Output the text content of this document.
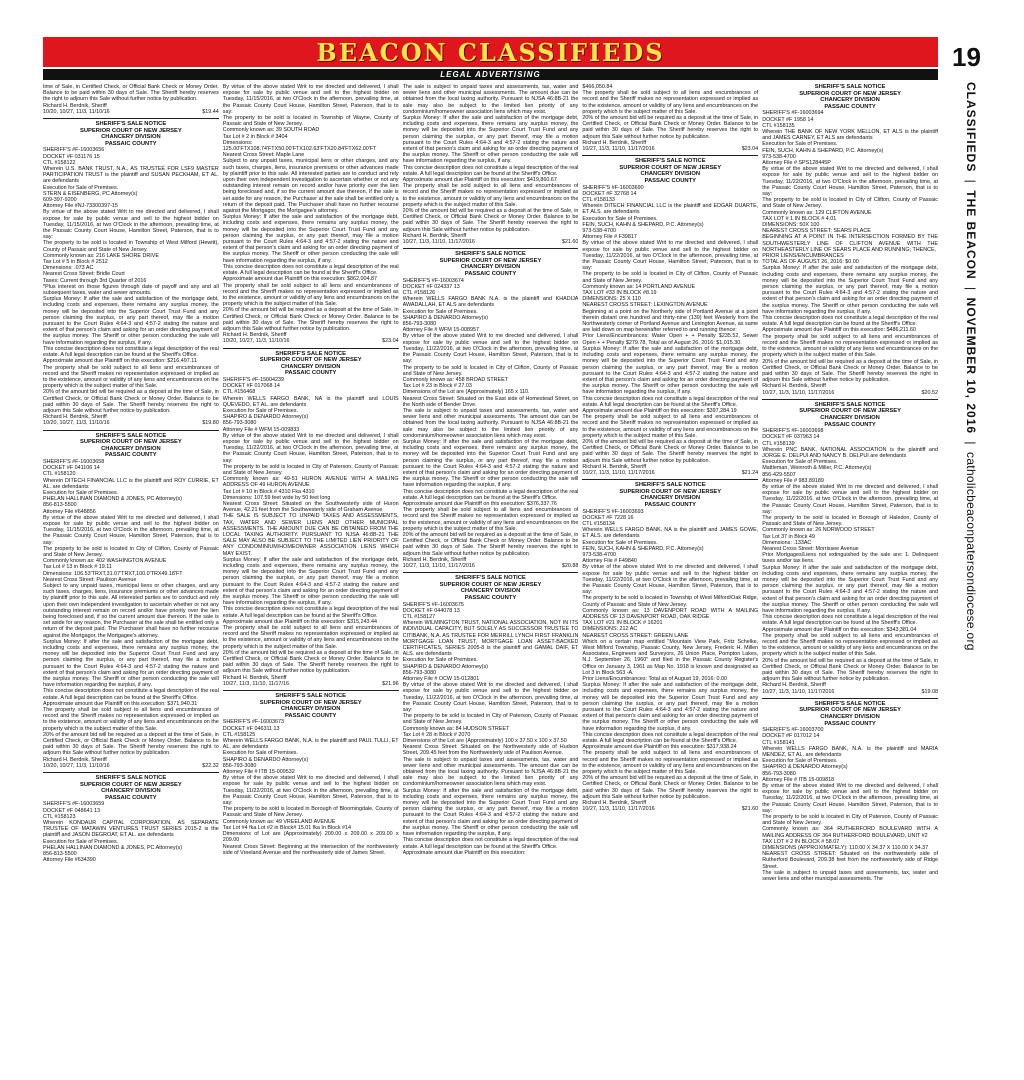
BEACON CLASSIFIEDS
LEGAL ADVERTISING
19
CLASSIFIEDS  |  THE BEACON  |  NOVEMBER 10, 2016  |  catholicbeaconpatersondiocese.org

time of Sale, in Certified Check, or Official Bank Check or Money Order. Balance to be paid within 30 days of Sale. The Sheriff hereby reserves the right to adjourn this Sale without further notice by publication.

Richard H. Berdnik, Sheriff
10/20, 10/27, 11/3, 11/10/16	$19.44
SHERIFF'S SALE NOTICE
SUPERIOR COURT OF NEW JERSEY
CHANCERY DIVISION
PASSAIC COUNTY

SHERIFF'S #F-16003656

DOCKET #F 031176 15

CTL #158122

Wherein U.S. BANK TRUST, N.A., AS TRUSTEE FOR LSF9 MASTER PARTICIPATION TRUST is the plaintiff and SUSAN PECKHAM, ET AL. are defendants

Execution for Sale of Premises.

STERN & EISENBERG, PC Attorney(s)

609-397-9200

Attorney File #NJ-73300397-15

By virtue of the above stated Writ to me directed and delivered, I shall expose for sale by public venue and sell to the highest bidder on Tuesday, 11/15/2016, at two O'Clock in the afternoon, prevailing time, at the Passaic County Court House, Hamilton Street, Paterson, that is to say:

The property to be sold is located in Township of West Milford (Hewitt), County of Passaic and State of New Jersey.

Commonly known as: 216 LAKE SHORE DRIVE

Tax Lot # 5 in Block # 2512

Dimensions: .073 AC

Nearest Cross Street: Bridle Court

Taxes: Current through 3rd Quarter of 2016

*Plus interest on those figures through date of payoff and any and all subsequent taxes, water and sewer amounts.

Surplus Money: If after the sale and satisfaction of the mortgage debt, including costs and expenses, there remains any surplus money, the money will be deposited into the Superior Court Trust Fund and any person claiming the surplus, or any part thereof, may file a motion pursuant to the Court Rules 4:64-3 and 4:57-2 stating the nature and extent of that person's claim and asking for an order directing payment of the surplus money. The Sheriff or other person conducting the sale will have information regarding the surplus, if any.

This concise description does not constitute a legal description of the real estate. A full legal description can be found at the Sheriff's Office.

Approximate amount due Plaintiff on this execution: $216,497.11

The property shall be sold subject to all liens and encumbrances of record and the Sheriff makes no representation expressed or implied as to the existence, amount or validity of any liens and encumbrances on the property which is the subject matter of this Sale.

20% of the amount bid will be required as a deposit at the time of Sale, in Certified Check, or Official Bank Check or Money Order. Balance to be paid within 30 days of Sale. The Sheriff hereby reserves the right to adjourn this Sale without further notice by publication.

Richard H. Berdnik, Sheriff
10/20, 10/27, 11/3, 11/10/16	$19.80
SHERIFF'S SALE NOTICE
SUPERIOR COURT OF NEW JERSEY
CHANCERY DIVISION
PASSAIC COUNTY

SHERIFF'S #F-16003658

DOCKET #F 041106 14

CTL #158120

Wherein DITECH FINANCIAL LLC is the plaintiff and ROY CURRIE, ET AL. are defendants

Execution for Sale of Premises.

PHELAN HALLINAN DIAMOND & JONES, PC Attorney(s)

856-813-5500

Attorney File #648856

By virtue of the above stated Writ to me directed and delivered, I shall expose for sale by public venue and sell to the highest bidder on Tuesday, 11/15/2016, at two O'Clock in the afternoon, prevailing time, at the Passaic County Court House, Hamilton Street, Paterson, that is to say:

The property to be sold is located in City of Clifton, County of Passaic and State of New Jersey.

Commonly known as: 402 WASHINGTON AVENUE

Tax Lot # 13 in Block # 19.11

Dimensions: 106.53'TRXT,31.07'TRXT,100.0'TRX49.18'FT

Nearest Cross Street: Paulison Avenue

Subject to any unpaid taxes, municipal liens or other charges, and any such taxes, charges, liens, insurance premiums or other advances made by plaintiff prior to this sale. All interested parties are to conduct and rely upon their own independent investigation to ascertain whether or not any outstanding interest remain on record and/or have priority over the lien being foreclosed and, if so the current amount due thereon. If the sale is set aside for any reason, the Purchaser at the sale shall be entitled only a return of the deposit paid. The Purchaser shall have no further recourse against the Mortgagor, the Mortgagee's attorney.

Surplus Money: If after the sale and satisfaction of the mortgage debt, including costs and expenses, there remains any surplus money, the money will be deposited into the Superior Court Trust Fund and any person claiming the surplus, or any part thereof, may file a motion pursuant to the Court Rules 4:64-3 and 4:57-2 stating the nature and extent of that person's claim and asking for an order directing payment of the surplus money. The Sheriff or other person conducting the sale will have information regarding the surplus, if any.

This concise description does not constitute a legal description of the real estate. A full legal description can be found at the Sheriff's Office.

Approximate amount due Plaintiff on this execution: $371,940.31

The property shall be sold subject to all liens and encumbrances of record and the Sheriff makes no representation expressed or implied as to the existence, amount or validity of any liens and encumbrances on the property which is the subject matter of this Sale.

20% of the amount bid will be required as a deposit at the time of Sale, in Certified Check, or Official Bank Check or Money Order. Balance to be paid within 30 days of Sale. The Sheriff hereby reserves the right to adjourn this Sale without further notice by publication.

Richard H. Berdnik, Sheriff
10/20, 10/27, 11/3, 11/10/16	$22.32
SHERIFF'S SALE NOTICE
SUPERIOR COURT OF NEW JERSEY
CHANCERY DIVISION
PASSAIC COUNTY

SHERIFF'S #F-16003659

DOCKET #F 048641 13

CTL #158123

Wherein KONDAUR CAPITAL CORPORATION, AS SEPARATE TRUSTEE OF MATAWIN VENTURES TRUST SERIES 2015-2 is the plaintiff and JASON DEGROAT, ET AL. are defendants

Execution for Sale of Premises.

PHELAN HALLINAN DIAMOND & JONES, PC Attorney(s)

856-813-5500

Attorney File #634390

By virtue of the above stated Writ to me directed and delivered, I shall expose for sale by public venue and sell to the highest bidder on Tuesday, 11/15/2016, at two O'Clock in the afternoon, prevailing time, at the Passaic County Court House, Hamilton Street, Paterson, that is to say:

The property to be sold is located in Township of Wayne, County of Passaic and State of New Jersey.

Commonly known as: 39 SOUTH ROAD

Tax Lot # 2 in Block # 3404

Dimensions: 125.00'FTX108.74'FTX50.00'FTX102.63'FTX20.84'FTX62.00'FT

Nearest Cross Street: Maple Lane

Subject to any unpaid taxes, municipal liens or other charges, and any such taxes, charges, liens, insurance premiums or other advances made by plaintiff prior to this sale. All interested parties are to conduct and rely upon their own independent investigation to ascertain whether or not any outstanding interest remain on record and/or have priority over the lien being foreclosed and, if so the current amount due thereon. If the sale is set aside for any reason, the Purchaser at the sale shall be entitled only a return of the deposit paid. The Purchaser shall have no further recourse against the Mortgagor, the Mortgagee's attorney.

Surplus Money: If after the sale and satisfaction of the mortgage debt, including costs and expenses, there remains any surplus money, the money will be deposited into the Superior Court Trust Fund and any person claiming the surplus, or any part thereof, may file a motion pursuant to the Court Rules 4:64-3 and 4:57-2 stating the nature and extent of that person's claim and asking for an order directing payment of the surplus money. The Sheriff or other person conducting the sale will have information regarding the surplus, if any.

This concise description does not constitute a legal description of the real estate. A full legal description can be found at the Sheriff's Office.

Approximate amount due Plaintiff on this execution: $862,004.87

The property shall be sold subject to all liens and encumbrances of record and the Sheriff makes no representation expressed or implied as to the existence, amount or validity of any liens and encumbrances on the property which is the subject matter of this Sale.

20% of the amount bid will be required as a deposit at the time of Sale, in Certified Check, or Official Bank Check or Money Order. Balance to be paid within 30 days of Sale. The Sheriff hereby reserves the right to adjourn this Sale without further notice by publication.

Richard H. Berdnik, Sheriff
10/20, 10/27, 11/3, 11/10/16	$23.04
SHERIFF'S SALE NOTICE
SUPERIOR COURT OF NEW JERSEY
CHANCERY DIVISION
PASSAIC COUNTY

SHERIFF'S #F-15004239

DOCKET #F 017068 14

CTL #156468

Wherein WELLS FARGO BANK, NA is the plaintiff and LOUIS QUEVEDO, ET AL. are defendants

Execution for Sale of Premises.

SHAPIRO & DENARDO Attorney(s)

856-793-3080

Attorney File # WFM 15-009833

By virtue of the above stated Writ to me directed and delivered, I shall expose for sale by public venue and sell to the highest bidder on Tuesday, 11/22/2016, at two O'Clock in the afternoon, prevailing time, at the Passaic County Court House, Hamilton Street, Paterson, that is to say:

The property to be sold is located in City of Paterson, County of Passaic and State of New Jersey.

Commonly known as: 49-51 HURON AVENUE WITH A MAILING ADDRESS OF 49 HURON AVENUE

Tax Lot # 10 in Block # 4310 Fka 4310

Dimensions: 107.59 feet wide by 50 feet long

Nearest Cross Street: Situated on the Southwesterly side of Huron Avenue, 42.21 feet from the Southwesterly side of Graham Avenue

THE SALE IS SUBJECT TO UNPAID TAXES AND ASSESSMENTS, TAX, WATER AND SEWER LIENS AND OTHER MUNICIPAL ASSESSMENTS. THE AMOUNT DUE CAN BE OBTAINED FROM THE LOCAL TAXING AUTHORITY. PURSUANT TO NJSA 46:8B-21 THE SALE MAY ALSO BE SUBJECT TO THE LIMITED LIEN PRIORITY OF ANY CONDOMINIUM/HOMEOWNER ASSOCIATION LIENS WHICH MAY EXIST.

Surplus Money: If after the sale and satisfaction of the mortgage debt, including costs and expenses, there remains any surplus money, the money will be deposited into the Superior Court Trust Fund and any person claiming the surplus, or any part thereof, may file a motion pursuant to the Court Rules 4:64-3 and 4:57-2 stating the nature and extent of that person's claim and asking for an order directing payment of the surplus money. The Sheriff or other person conducting the sale will have information regarding the surplus, if any.

This concise description does not constitute a legal description of the real estate. A full legal description can be found at the Sheriff's Office.

Approximate amount due Plaintiff on this execution: $315,243.44

The property shall be sold subject to all liens and encumbrances of record and the Sheriff makes no representation expressed or implied as to the existence, amount or validity of any liens and encumbrances on the property which is the subject matter of this Sale.

20% of the amount bid will be required as a deposit at the time of Sale, in Certified Check, or Official Bank Check or Money Order. Balance to be paid within 30 days of Sale. The Sheriff hereby reserves the right to adjourn this Sale without further notice by publication.

Richard H. Berdnik, Sheriff
10/27, 11/3, 11/10, 11/17/16	$21.96
SHERIFF'S SALE NOTICE
SUPERIOR COURT OF NEW JERSEY
CHANCERY DIVISION
PASSAIC COUNTY

SHERIFF'S #F-16003673

DOCKET #F 046311 13

CTL #158125

Wherein WELLS FARGO BANK, N.A. is the plaintiff and PAUL TULLI, ET AL. are defendants

Execution for Sale of Premises.

SHAPIRO & DENARDO Attorney(s)

856-793-3080

Attorney File # ITB 15-009532

By virtue of the above stated Writ to me directed and delivered, I shall expose for sale by public venue and sell to the highest bidder on Tuesday, 11/22/2016, at two O'Clock in the afternoon, prevailing time, at the Passaic County Court House, Hamilton Street, Paterson, that is to say:

The property to be sold is located in Borough of Bloomingdale, County of Passaic and State of New Jersey.

Commonly known as: 49 VREELAND AVENUE

Tax Lot #4 fka Lot #2 in Block# 15.01 fka In Block #14

Dimensions of Lot are (Approximately) 209.00 x 209.00 x 209.00 x 209.00

Nearest Cross Street: Beginning at the intersection of the northwesterly side of Vreeland Avenue and the northeasterly side of James Street.

The sale is subject to unpaid taxes and assessments, tax, water and sewer liens and other municipal assessments. The amount due can be obtained from the local taxing authority. Pursuant to NJSA 46:8B-21 the sale may also be subject to the limited lien priority of any condominium/homeowner association liens which may exist.

Surplus Money: If after the sale and satisfaction of the mortgage debt, including costs and expenses, there remains any surplus money, the money will be deposited into the Superior Court Trust Fund and any person claiming the surplus, or any part thereof, may file a motion pursuant to the Court Rules 4:64-3 and 4:57-2 stating the nature and extent of that person's claim and asking for an order directing payment of the surplus money. The Sheriff or other person conducting the sale will have information regarding the surplus, if any.

This concise description does not constitute a legal description of the real estate. A full legal description can be found at the Sheriff's Office.

Approximate amount due Plaintiff on this execution: $419,860.67

The property shall be sold subject to all liens and encumbrances of record and the Sheriff makes no representation expressed or implied as to the existence, amount or validity of any liens and encumbrances on the property which is the subject matter of this Sale.

20% of the amount bid will be required as a deposit at the time of Sale, in Certified Check, or Official Bank Check or Money Order. Balance to be paid within 30 days of Sale. The Sheriff hereby reserves the right to adjourn this Sale without further notice by publication.

Richard H. Berdnik, Sheriff
10/27, 11/3, 11/10, 11/17/2016	$21.60
SHERIFF'S SALE NOTICE
SUPERIOR COURT OF NEW JERSEY
CHANCERY DIVISION
PASSAIC COUNTY

SHERIFF'S #F-16003674

DOCKET #F 024337 13

CTL #158126

Wherein WELLS FARGO BANK N.A. is the plaintiff and KHADIJA AWADALLAH, ET ALS are defendants

Execution for Sale of Premises.

SHAPIRO & DENARDO Attorney(s)

856-793-3080

Attorney File # WFM 15-008957

By virtue of the above stated Writ to me directed and delivered, I shall expose for sale by public venue and sell to the highest bidder on Tuesday, 11/22/2016, at two O'Clock in the afternoon, prevailing time, at the Passaic County Court House, Hamilton Street, Paterson, that is to say:

The property to be sold is located in City of Clifton, County of Passaic and State of New Jersey.

Commonly known as: 458 BROAD STREET

Tax Lot # 23 in Block # 27.03

Dimensions of the Lot are (Approximately) 165 x 110.

Nearest Cross Street: Situated on the East side of Homestead Street, on the North side of Bender Drive.

The sale is subject to unpaid taxes and assessments, tax, water and sewer liens and other municipal assessments. The amount due can be obtained from the local taxing authority. Pursuant to NJSA 46:8B-21 the sale may also be subject to the limited lien priority of any condominium/homeowner association liens which may exist.

Surplus Money: If after the sale and satisfaction of the mortgage debt, including costs and expenses, there remains any surplus money, the money will be deposited into the Superior Court Trust Fund and any person claiming the surplus, or any part thereof, may file a motion pursuant to the Court Rules 4:64-3 and 4:57-2 stating the nature and extent of that person's claim and asking for an order directing payment of the surplus money. The Sheriff or other person conducting the sale will have information regarding the surplus, if any.

This concise description does not constitute a legal description of the real estate. A full legal description can be found at the Sheriff's Office.

Approximate amount due Plaintiff on this execution: $376,337.76

The property shall be sold subject to all liens and encumbrances of record and the Sheriff makes no representation expressed or implied as to the existence, amount or validity of any liens and encumbrances on the property which is the subject matter of this Sale.

20% of the amount bid will be required as a deposit at the time of Sale, in Certified Check, or Official Bank Check or Money Order. Balance to be paid within 30 days of Sale. The Sheriff hereby reserves the right to adjourn this Sale without further notice by publication.

Richard H. Berdnik, Sheriff
10/27, 11/3, 11/10, 11/17/2016	$20.88
SHERIFF'S SALE NOTICE
SUPERIOR COURT OF NEW JERSEY
CHANCERY DIVISION
PASSAIC COUNTY

SHERIFF'S #F-16003675

DOCKET #F 044078 13

CTL #158127

Wherein WILMINGTON TRUST, NATIONAL ASSOCIATION, NOT IN ITS INDIVIDUAL CAPACITY, BUT SOLELY AS SUCCESSOR TRUSTEE TO CITIBANK, N.A. AS TRUSTEE FOR MERRILL LYNCH FIRST FRANKLIN MORTGAGE LOAN TRUST, MORTGAGE LOAN ASSET-BACKED CERTIFICATES, SERIES 2005-8 is the plaintiff and GAMAL DAIF, ET ALS. are defendants

Execution for Sale of Premises.

SHAPIRO & DENARDO Attorney(s)

856-793-3080

Attorney File # OCW 15-012801

By virtue of the above stated Writ to me directed and delivered, I shall expose for sale by public venue and sell to the highest bidder on Tuesday, 11/22/2016, at two O'Clock in the afternoon, prevailing time, at the Passaic County Court House, Hamilton Street, Paterson, that is to say:

The property to be sold is located in City of Paterson, County of Passaic and State of New Jersey.

Commonly known as: 84 HUDSON STREET

Tax Lot # 28 in Block # 2070

Dimensions of the Lot are (Approximately) 100 x 37.50 x 100 x 37.50

Nearest Cross Street: Situated on the Northwesterly side of Hudson Street, 209.45 feet from the Northwesterly side of Paulison Avenue.

The sale is subject to unpaid taxes and assessments, tax, water and sewer liens and other municipal assessments. The amount due can be obtained from the local taxing authority. Pursuant to NJSA 46:8B-21 the sale may also be subject to the limited lien priority of any condominium/homeowner association liens which may exist.

Surplus Money: If after the sale and satisfaction of the mortgage debt, including costs and expenses, there remains any surplus money, the money will be deposited into the Superior Court Trust Fund and any person claiming the surplus, or any part thereof, may file a motion pursuant to the Court Rules 4:64-3 and 4:57-2 stating the nature and extent of that person's claim and asking for an order directing payment of the surplus money. The Sheriff or other person conducting the sale will have information regarding the surplus, if any.

This concise description does not constitute a legal description of the real estate. A full legal description can be found at the Sheriff's Office.

Approximate amount due Plaintiff on this execution:

$466,050.84

The property shall be sold subject to all liens and encumbrances of record and the Sheriff makes no representation expressed or implied as to the existence, amount or validity of any liens and encumbrances on the property which is the subject matter of this Sale.

20% of the amount bid will be required as a deposit at the time of Sale, in Certified Check, or Official Bank Check or Money Order. Balance to be paid within 30 days of Sale. The Sheriff hereby reserves the right to adjourn this Sale without further notice by publication.

Richard H. Berdnik, Sheriff
10/27, 11/3, 11/10, 11/17/2016	$23.04
SHERIFF'S SALE NOTICE
SUPERIOR COURT OF NEW JERSEY
CHANCERY DIVISION
PASSAIC COUNTY

SHERIFF'S #F-16003690

DOCKET #F 32768 14

CTL #158133

Wherein DITECH FINANCIAL LLC is the plaintiff and EDGAR DUARTE, ET ALS. are defendants

Execution for Sale of Premises.

FEIN, SUCH, KAHN & SHEPARD, P.C. Attorney(s)

973-538-4700

Attorney File # F39817

By virtue of the above stated Writ to me directed and delivered, I shall expose for sale by public venue and sell to the highest bidder on Tuesday, 11/22/2016, at two O'Clock in the afternoon, prevailing time, at the Passaic County Court House, Hamilton Street, Paterson, that is to say:

The property to be sold is located in City of Clifton, County of Passaic and State of New Jersey.

Commonly known as: 14 PORTLAND AVENUE

TAX LOT #33 IN BLOCK #8.19

DIMENSIONS: 25 X 110

NEAREST CROSS STREET: LEXINGTON AVENUE

Beginning at a point on the Northerly side of Portland Avenue at a point therein distant one hundred and thirty-nine (139) feet Westerly from the Northwesterly corner of Portland Avenue and Lexington Avenue, as same are laid down on map hereinafter referred to and running thence:

Prior Liens/Encumbrances: Water Open + + Penalty $235.52, Sewer Open + + Penalty $279.78, Total as of August 26, 2016: $1,015.30.

Surplus Money: If after the sale and satisfaction of the mortgage debt, including costs and expenses, there remains any surplus money, the money will be deposited into the Superior Court Trust Fund and any person claiming the surplus, or any part thereof, may file a motion pursuant to the Court Rules 4:64-3 and 4:57-2 stating the nature and extent of that person's claim and asking for an order directing payment of the surplus money. The Sheriff or other person conducting the sale will have information regarding the surplus, if any.

This concise description does not constitute a legal description of the real estate. A full legal description can be found at the Sheriff's Office.

Approximate amount due Plaintiff on this execution: $397,284.19

The property shall be sold subject to all liens and encumbrances of record and the Sheriff makes no representation expressed or implied as to the existence, amount or validity of any liens and encumbrances on the property which is the subject matter of this Sale.

20% of the amount bid will be required as a deposit at the time of Sale, in Certified Check, or Official Bank Check or Money Order. Balance to be paid within 30 days of Sale. The Sheriff hereby reserves the right to adjourn this Sale without further notice by publication.

Richard H. Berdnik, Sheriff
10/27, 11/3, 11/10, 11/17/2016	$21.24
SHERIFF'S SALE NOTICE
SUPERIOR COURT OF NEW JERSEY
CHANCERY DIVISION
PASSAIC COUNTY

SHERIFF'S #F-16003693

DOCKET #F 7228 16

CTL #158134

Wherein WELLS FARGO BANK, NA is the plaintiff and JAMES GOWE, ET ALS. are defendants

Execution for Sale of Premises.

FEIN, SUCH, KAHN & SHEPARD, P.C. Attorney(s)

973-538-4700

Attorney File # F49840

By virtue of the above stated Writ to me directed and delivered, I shall expose for sale by public venue and sell to the highest bidder on Tuesday, 11/22/2016, at two O'Clock in the afternoon, prevailing time, at the Passaic County Court House, Hamilton Street, Paterson, that is to say:

The property to be sold is located in Township of West Milford/Oak Ridge, County of Passaic and State of New Jersey.

Commonly known as: 13 DAVENPORT ROAD WITH A MAILING ADDRESS OF 13 DAVENPORT ROAD, OAK RIDGE

TAX LOT #21 IN BLOCK # 16201

DIMENSIONS: 212 AC

NEAREST CROSS STREET: GREEN LANE

Which on a certain map entitled "Mountain View Park, Fritz Schelke, West Milford Township, Passaic County, New Jersey, Frederic H. Millen Associates, Engineers and Surveyors, 26 Union Place, Pompton Lakes, N.J. September 26, 1960" and filed in the Passaic County Register's Office on January 3, 1961 as Map No. 1918 is known and designated as Lot 3 in Block 563 -A.

Prior Liens/Encumbrances: Total as of August 19, 2016: 0.00

Surplus Money: If after the sale and satisfaction of the mortgage debt, including costs and expenses, there remains any surplus money, the money will be deposited into the Superior Court Trust Fund and any person claiming the surplus, or any part thereof, may file a motion pursuant to the Court Rules 4:64-3 and 4:57-2 stating the nature and extent of that person's claim and asking for an order directing payment of the surplus money. The Sheriff or other person conducting the sale will have information regarding the surplus, if any.

This concise description does not constitute a legal description of the real estate. A full legal description can be found at the Sheriff's Office.

Approximate amount due Plaintiff on this execution: $317,938.24

The property shall be sold subject to all liens and encumbrances of record and the Sheriff makes no representation expressed or implied as to the existence, amount or validity of any liens and encumbrances on the property which is the subject matter of this Sale.

20% of the amount bid will be required as a deposit at the time of Sale, in Certified Check, or Official Bank Check or Money Order. Balance to be paid within 30 days of Sale. The Sheriff hereby reserves the right to adjourn this Sale without further notice by publication.

Richard H. Berdnik, Sheriff
10/27, 11/3, 11/10, 11/17/2016	$21.60
SHERIFF'S SALE NOTICE
SUPERIOR COURT OF NEW JERSEY
CHANCERY DIVISION
PASSAIC COUNTY

SHERIFF'S #F-16003694

DOCKET #F 1958 14

CTL #158135

Wherein THE BANK OF NEW YORK MELLON, ET ALS is the plaintiff and JAMES CARNEY, ET ALS are defendants

Execution for Sale of Premises.

FEIN, SUCH, KAHN & SHEPARD, P.C. Attorney(s)

973-538-4700

Attorney File # SPS128445P

By virtue of the above stated Writ to me directed and delivered, I shall expose for sale by public venue and sell to the highest bidder on Tuesday, 11/22/2016, at two O'Clock in the afternoon, prevailing time, at the Passaic County Court House, Hamilton Street, Paterson, that is to say:

The property to be sold is located in City of Clifton, County of Passaic and State of New Jersey.

Commonly known as: 129 CLIFTON AVENUE

TAX LOT # 1 IN BLOCK # 4.01

DIMENSIONS: 50X 100

NEAREST CROSS STREET: SEARS PLACE

BEGINNING AT A POINT IN THE INTERSECTION FORMED BY THE SOUTHWESTERLY LINE OF CLIFTON AVENUE WITH THE NORTHEASTERLY LINE OF SEARS PLACE AND RUNNING; THENCE,

PRIOR LIENS/ENCUMBRANCES

TOTAL AS OF AUGUST 26, 2016: $0.00

Surplus Money: If after the sale and satisfaction of the mortgage debt, including costs and expenses, there remains any surplus money, the money will be deposited into the Superior Court Trust Fund and any person claiming the surplus, or any part thereof, may file a motion pursuant to the Court Rules 4:64-3 and 4:57-2 stating the nature and extent of that person's claim and asking for an order directing payment of the surplus money. The Sheriff or other person conducting the sale will have information regarding the surplus, if any.

This concise description does not constitute a legal description of the real estate. A full legal description can be found at the Sheriff's Office.

Approximate amount due Plaintiff on this execution: $486,211.60

The property shall be sold subject to all liens and encumbrances of record and the Sheriff makes no representation expressed or implied as to the existence, amount or validity of any liens and encumbrances on the property which is the subject matter of this Sale.

20% of the amount bid will be required as a deposit at the time of Sale, in Certified Check, or Official Bank Check or Money Order. Balance to be paid within 30 days of Sale. The Sheriff hereby reserves the right to adjourn this Sale without further notice by publication.

Richard H. Berdnik, Sheriff
10/27, 11/3, 11/10, 11/17/2016	$20.52
SHERIFF'S SALE NOTICE
SUPERIOR COURT OF NEW JERSEY
CHANCERY DIVISION
PASSAIC COUNTY

SHERIFF'S #F-16003698

DOCKET #F 037963 14

CTL #158139

Wherein PNC BANK, NATIONAL ASSOCIATION is the plaintiff and JORGE E. DELPUI AND NANCY B. DELPUI are defendants

Execution for Sale of Premises.

Mattleman, Weinroth & Miller, P.C. Attorney(s)

856-429-5507

Attorney File # 983.89189

By virtue of the above stated Writ to me directed and delivered, I shall expose for sale by public venue and sell to the highest bidder on Tuesday, 11/22/2016, at two O'Clock in the afternoon, prevailing time, at the Passaic County Court House, Hamilton Street, Paterson, that is to say:

The property to be sold is located in Borough of Haledon, County of Passaic and State of New Jersey.

Commonly known as: 26 NORWOOD STREET

Tax Lot 37 in Block 49

Dimensions: .133AC

Nearest Cross Street: Morrissee Avenue

Prior Mortgages/Liens not extinguished by the sale are: 1. Delinquent taxes and/or tax liens.

Surplus Money: If after the sale and satisfaction of the mortgage debt, including costs and expenses, there remains any surplus money, the money will be deposited into the Superior Court Trust Fund and any person claiming the surplus, or any part thereof, may file a motion pursuant to the Court Rules 4:64-3 and 4:57-2 stating the nature and extent of that person's claim and asking for an order directing payment of the surplus money. The Sheriff or other person conducting the sale will have information regarding the surplus, if any.

This concise description does not constitute a legal description of the real estate. A full legal description can be found at the Sheriff's Office.

Approximate amount due Plaintiff on this execution: $343,381.04

The property shall be sold subject to all liens and encumbrances of record and the Sheriff makes no representation expressed or implied as to the existence, amount or validity of any liens and encumbrances on the property which is the subject matter of this Sale.

20% of the amount bid will be required as a deposit at the time of Sale, in Certified Check, or Official Bank Check or Money Order. Balance to be paid within 30 days of Sale. The Sheriff hereby reserves the right to adjourn this Sale without further notice by publication.

Richard H. Berdnik, Sheriff
10/27, 11/3, 11/10, 11/17/2016	$19.08
SHERIFF'S SALE NOTICE
SUPERIOR COURT OF NEW JERSEY
CHANCERY DIVISION
PASSAIC COUNTY

SHERIFF'S #F-16003700

DOCKET #F 017012 14

CTL #158141

Wherein WELLS FARGO BANK, N.A. is the plaintiff and MARIA MENDEZ, ET AL. are defendants

Execution for Sale of Premises.

SHAPIRO & DENARDO Attorney(s)

856-793-3080

Attorney File # ITB 15-009818

By virtue of the above stated Writ to me directed and delivered, I shall expose for sale by public venue and sell to the highest bidder on Tuesday, 11/22/2016, at two O'Clock in the afternoon, prevailing time, at the Passaic County Court House, Hamilton Street, Paterson, that is to say:

The property to be sold is located in City of Paterson, County of Passaic and State of New Jersey.

Commonly known as: 364 RUTHERFORD BOULEVARD WITH A MAILING ADDRESS OF 364 RUTHERFORD BOULEVARD, UNIT #2

TAX LOT # 2 IN BLOCK # 58.07

DIMENSIONS (APPROXIMATELY): 110.00 X 34.37 X 110.00 X 34.37

NEAREST CROSS STREET: Situated on the northwesterly side of Rutherford Boulevard, 209.38 feet from the northwesterly side of Ridge Street.

The sale is subject to unpaid taxes and assessments, tax, water and sewer liens and other municipal assessments. The
